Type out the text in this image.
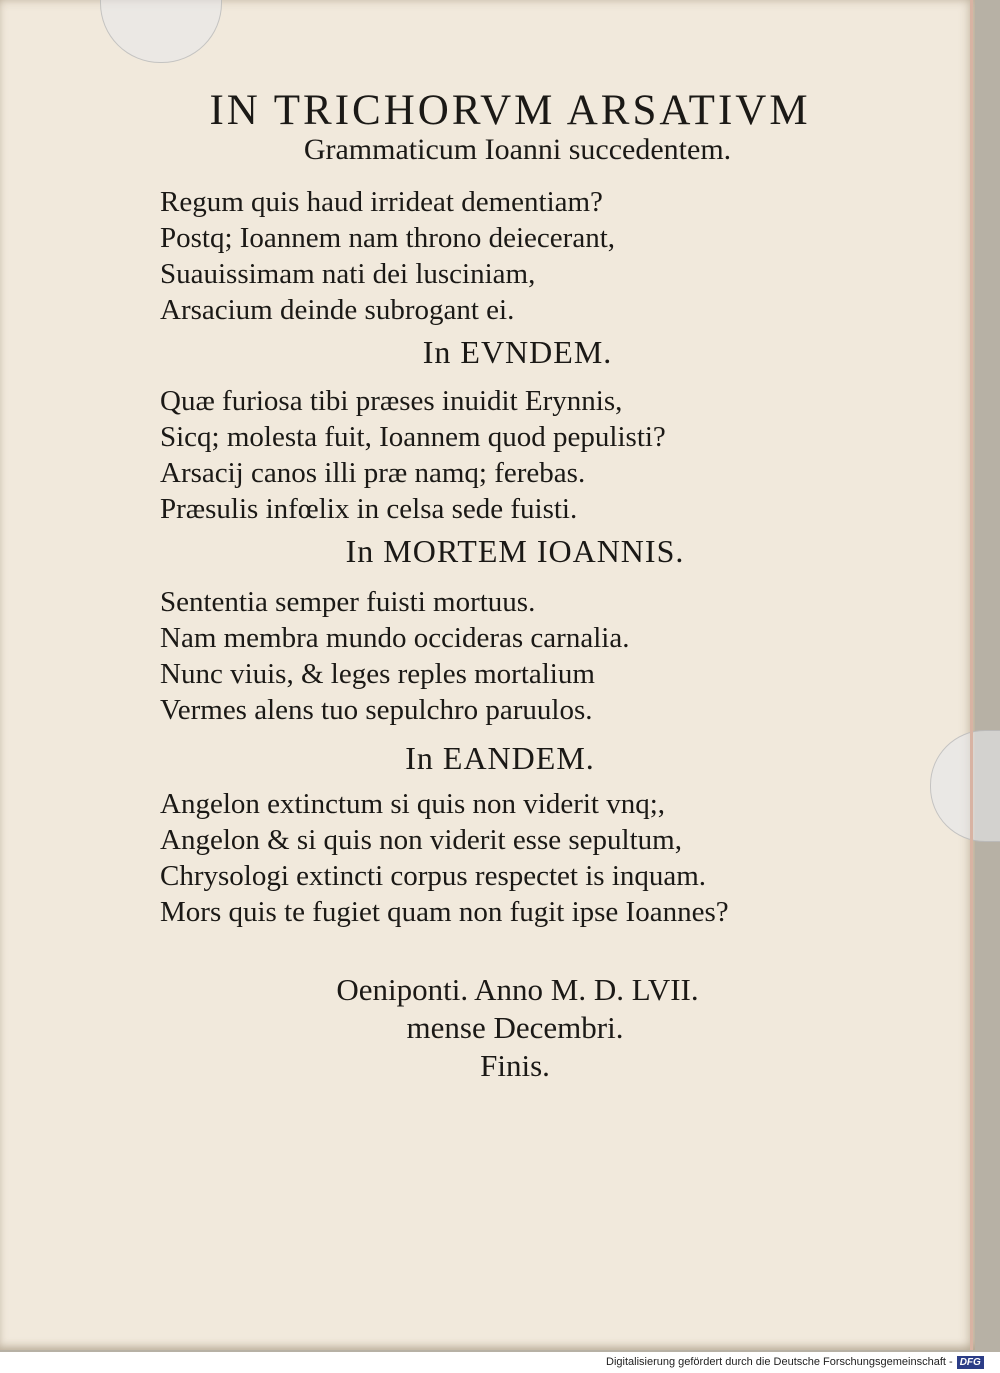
IN TRICHORVM ARSATIVM
Grammaticum Ioanni succedentem.
Regum quis haud irrideat dementiam?
Postq; Ioannem nam throno deiecerant,
Suauissimam nati dei lusciniam,
Arsacium deinde subrogant ei.
In EVNDEM.
Quæ furiosa tibi præses inuidit Erynnis,
Sicq; molesta fuit, Ioannem quod pepulisti?
Arsacij canos illi præ namq; ferebas.
Præsulis infœlix in celsa sede fuisti.
In MORTEM IOANNIS.
Sententia semper fuisti mortuus.
Nam membra mundo occideras carnalia.
Nunc viuis, & leges reples mortalium
Vermes alens tuo sepulchro paruulos.
In EANDEM.
Angelon extinctum si quis non viderit vnq;,
Angelon & si quis non viderit esse sepultum,
Chrysologi extincti corpus respectet is inquam.
Mors quis te fugiet quam non fugit ipse Ioannes?

Oeniponti. Anno M. D. LVII.

mense Decembri.

Finis.

Digitalisierung gefördert durch die Deutsche Forschungsgemeinschaft - DFG
